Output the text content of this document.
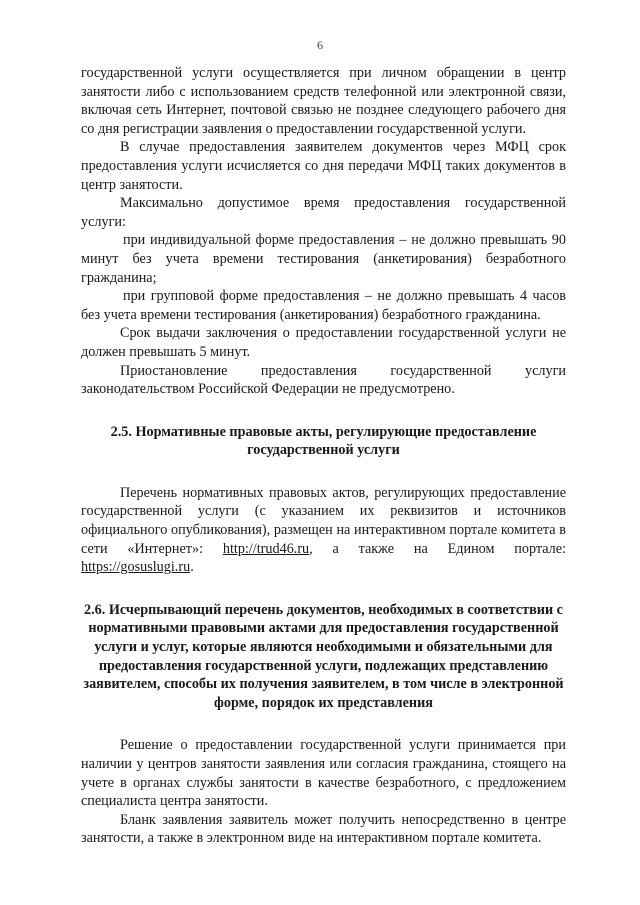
6

государственной услуги осуществляется при личном обращении в центр занятости либо с использованием средств телефонной или электронной связи, включая сеть Интернет, почтовой связью не позднее следующего рабочего дня со дня регистрации заявления о предоставлении государственной услуги.

В случае предоставления заявителем документов через МФЦ срок предоставления услуги исчисляется со дня передачи МФЦ таких документов в центр занятости.

Максимально допустимое время предоставления государственной услуги:

при индивидуальной форме предоставления – не должно превышать 90 минут без учета времени тестирования (анкетирования) безработного гражданина;

при групповой форме предоставления – не должно превышать 4 часов без учета времени тестирования (анкетирования) безработного гражданина.

Срок выдачи заключения о предоставлении государственной услуги не должен превышать 5 минут.

Приостановление предоставления государственной услуги законодательством Российской Федерации не предусмотрено.

2.5. Нормативные правовые акты, регулирующие предоставление государственной услуги

Перечень нормативных правовых актов, регулирующих предоставление государственной услуги (с указанием их реквизитов и источников официального опубликования), размещен на интерактивном портале комитета в сети «Интернет»: http://trud46.ru, а также на Едином портале: https://gosuslugi.ru.

2.6. Исчерпывающий перечень документов, необходимых в соответствии с нормативными правовыми актами для предоставления государственной услуги и услуг, которые являются необходимыми и обязательными для предоставления государственной услуги, подлежащих представлению заявителем, способы их получения заявителем, в том числе в электронной форме, порядок их представления

Решение о предоставлении государственной услуги принимается при наличии у центров занятости заявления или согласия гражданина, стоящего на учете в органах службы занятости в качестве безработного, с предложением специалиста центра занятости.

Бланк заявления заявитель может получить непосредственно в центре занятости, а также в электронном виде на интерактивном портале комитета.
